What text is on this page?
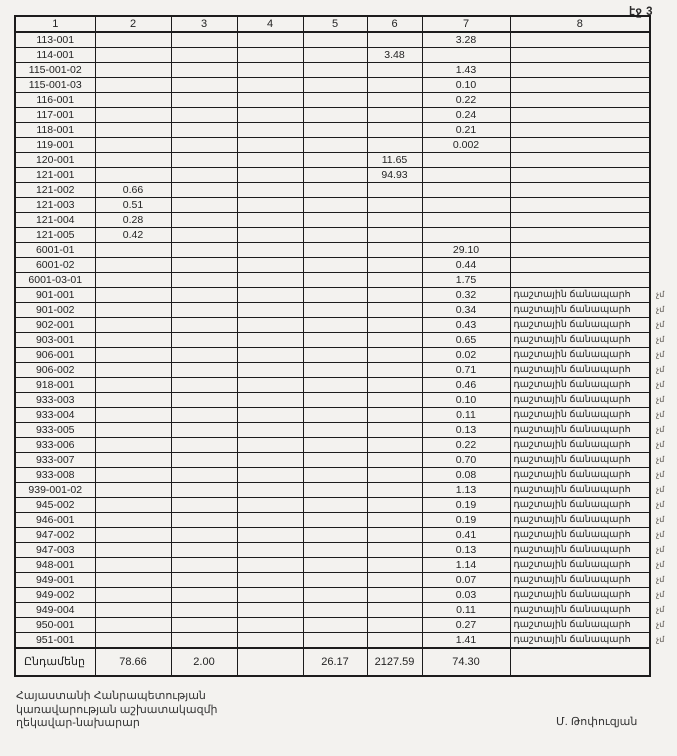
էջ 3
1	2	3	4	5	6	7	8	
113-001						3.28		
114-001					3.48			
115-001-02						1.43		
115-001-03						0.10		
116-001						0.22		
117-001						0.24		
118-001						0.21		
119-001						0.002		
120-001					11.65			
121-001					94.93			
121-002	0.66							
121-003	0.51							
121-004	0.28							
121-005	0.42							
6001-01						29.10		
6001-02						0.44		
6001-03-01						1.75		
901-001						0.32	դաշտային ճանապարհ	չմ
901-002						0.34	դաշտային ճանապարհ	չմ
902-001						0.43	դաշտային ճանապարհ	չմ
903-001						0.65	դաշտային ճանապարհ	չմ
906-001						0.02	դաշտային ճանապարհ	չմ
906-002						0.71	դաշտային ճանապարհ	չմ
918-001						0.46	դաշտային ճանապարհ	չմ
933-003						0.10	դաշտային ճանապարհ	չմ
933-004						0.11	դաշտային ճանապարհ	չմ
933-005						0.13	դաշտային ճանապարհ	չմ
933-006						0.22	դաշտային ճանապարհ	չմ
933-007						0.70	դաշտային ճանապարհ	չմ
933-008						0.08	դաշտային ճանապարհ	չմ
939-001-02						1.13	դաշտային ճանապարհ	չմ
945-002						0.19	դաշտային ճանապարհ	չմ
946-001						0.19	դաշտային ճանապարհ	չմ
947-002						0.41	դաշտային ճանապարհ	չմ
947-003						0.13	դաշտային ճանապարհ	չմ
948-001						1.14	դաշտային ճանապարհ	չմ
949-001						0.07	դաշտային ճանապարհ	չմ
949-002						0.03	դաշտային ճանապարհ	չմ
949-004						0.11	դաշտային ճանապարհ	չմ
950-001						0.27	դաշտային ճանապարհ	չմ
951-001						1.41	դաշտային ճանապարհ	չմ
Ընդամենը	78.66	2.00		26.17	2127.59	74.30		
Հայաստանի Հանրապետության
կառավարության աշխատակազմի
ղեկավար-նախարար	Մ. Թոփուզյան
